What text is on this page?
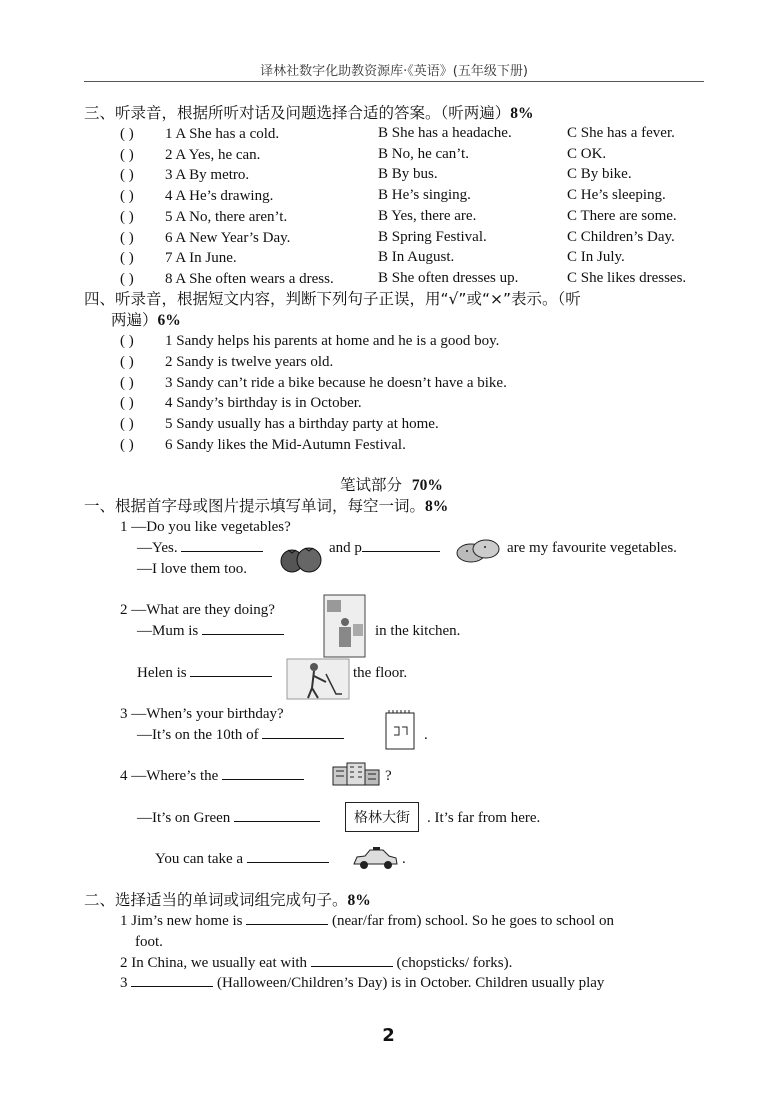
译林社数字化助教资源库·《英语》(五年级下册)
三、听录音，根据所听对话及问题选择合适的答案。（听两遍）8%
( ) 1 A She has a cold.	B She has a headache.	C She has a fever.
( ) 2 A Yes, he can.	B No, he can’t.	C OK.
( ) 3 A By metro.	B By bus.	C By bike.
( ) 4 A He’s drawing.	B He’s singing.	C He’s sleeping.
( ) 5 A No, there aren’t.	B Yes, there are.	C There are some.
( ) 6 A New Year’s Day.	B Spring Festival.	C Children’s Day.
( ) 7 A In June.	B In August.	C In July.
( ) 8 A She often wears a dress.	B She often dresses up.	C She likes dresses.
四、听录音，根据短文内容，判断下列句子正误，用“√”或“×”表示。（听
两遍）6%
( ) 1 Sandy helps his parents at home and he is a good boy.
( ) 2 Sandy is twelve years old.
( ) 3 Sandy can’t ride a bike because he doesn’t have a bike.
( ) 4 Sandy’s birthday is in October.
( ) 5 Sandy usually has a birthday party at home.
( ) 6 Sandy likes the Mid-Autumn Festival.
笔试部分 70%
一、根据首字母或图片提示填写单词，每空一词。8%
1 —Do you like vegetables?
—Yes.	and p	are my favourite vegetables.
—I love them too.
2 —What are they doing?
—Mum is	in the kitchen.
Helen is	the floor.
3 —When’s your birthday?
—It’s on the 10th of	.
4 —Where’s the	?
—It’s on Green	格林大街	. It’s far from here.
You can take a	.
二、选择适当的单词或词组完成句子。8%
1 Jim’s new home is	(near/far from) school. So he goes to school on
foot.
2 In China, we usually eat with	(chopsticks/ forks).
3	(Halloween/Children’s Day) is in October. Children usually play
2
